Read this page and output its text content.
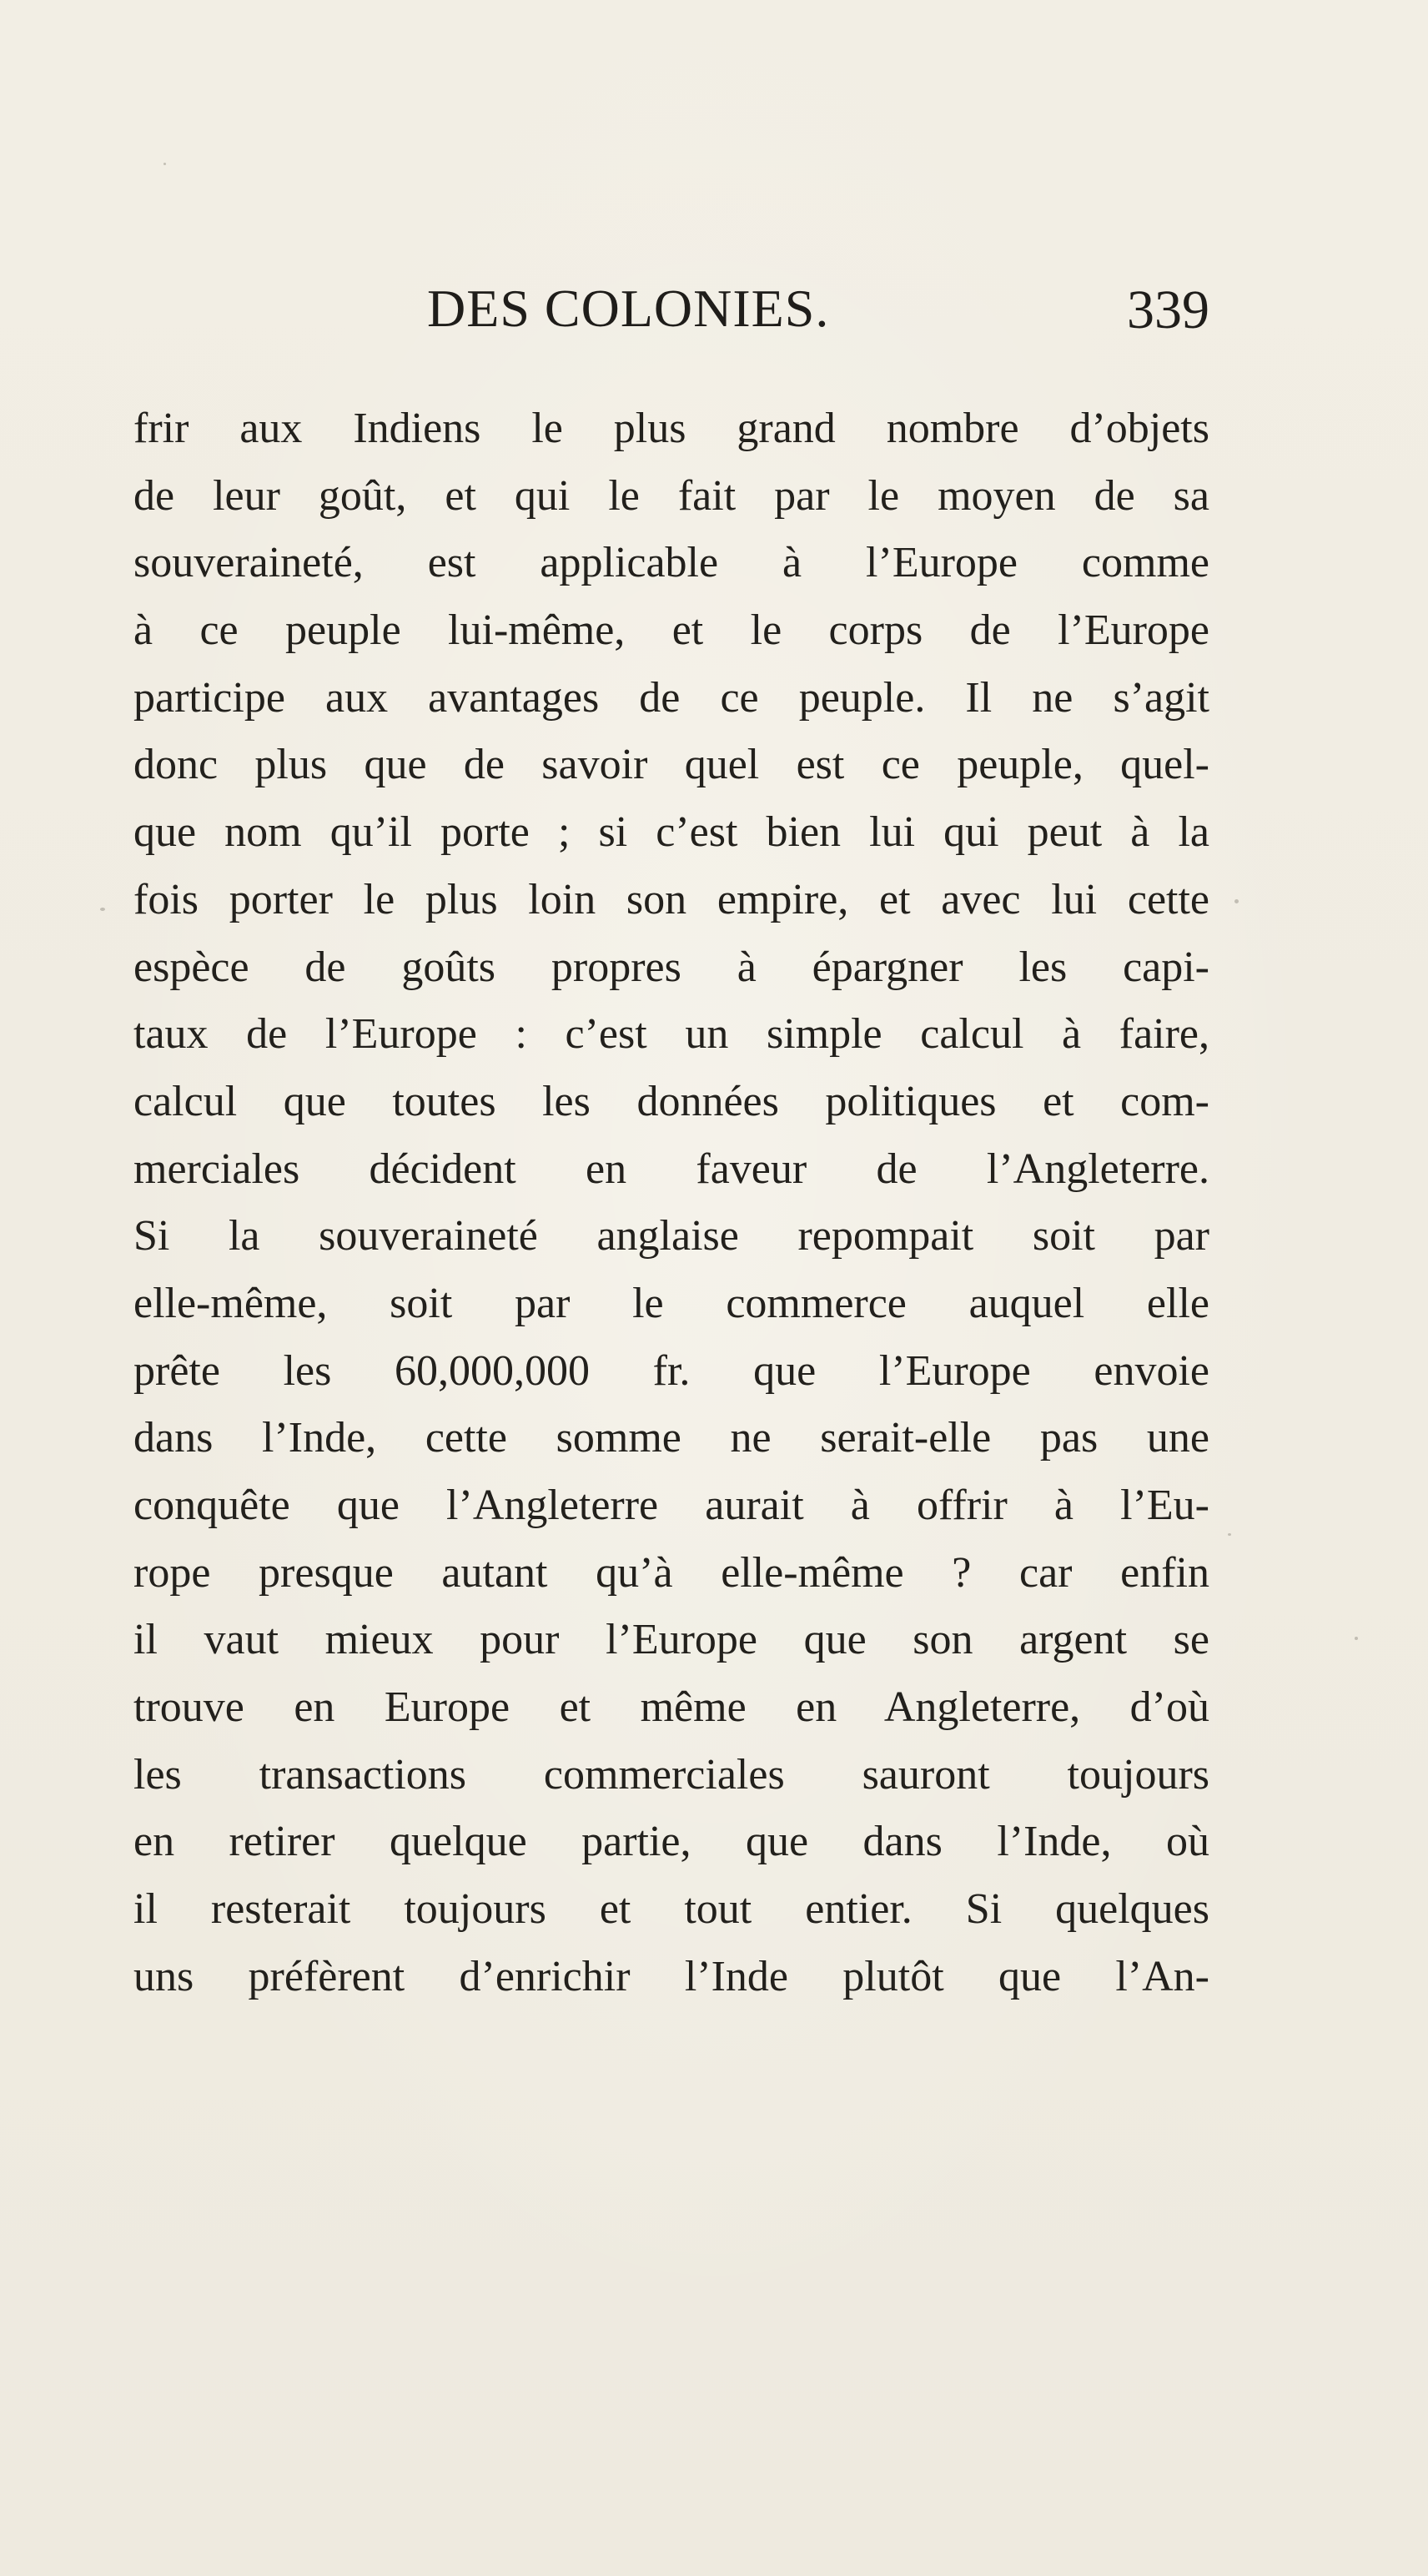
DES COLONIES.	339
frir aux Indiens le plus grand nombre d’objets
de leur goût, et qui le fait par le moyen de sa
souveraineté, est applicable à l’Europe comme
à ce peuple lui-même, et le corps de l’Europe
participe aux avantages de ce peuple. Il ne s’agit
donc plus que de savoir quel est ce peuple, quel-
que nom qu’il porte ; si c’est bien lui qui peut à la
fois porter le plus loin son empire, et avec lui cette
espèce de goûts propres à épargner les capi-
taux de l’Europe : c’est un simple calcul à faire,
calcul que toutes les données politiques et com-
merciales décident en faveur de l’Angleterre.
Si la souveraineté anglaise repompait soit par
elle-même, soit par le commerce auquel elle
prête les 60,000,000 fr. que l’Europe envoie
dans l’Inde, cette somme ne serait-elle pas une
conquête que l’Angleterre aurait à offrir à l’Eu-
rope presque autant qu’à elle-même ? car enfin
il vaut mieux pour l’Europe que son argent se
trouve en Europe et même en Angleterre, d’où
les transactions commerciales sauront toujours
en retirer quelque partie, que dans l’Inde, où
il resterait toujours et tout entier. Si quelques
uns préfèrent d’enrichir l’Inde plutôt que l’An-
